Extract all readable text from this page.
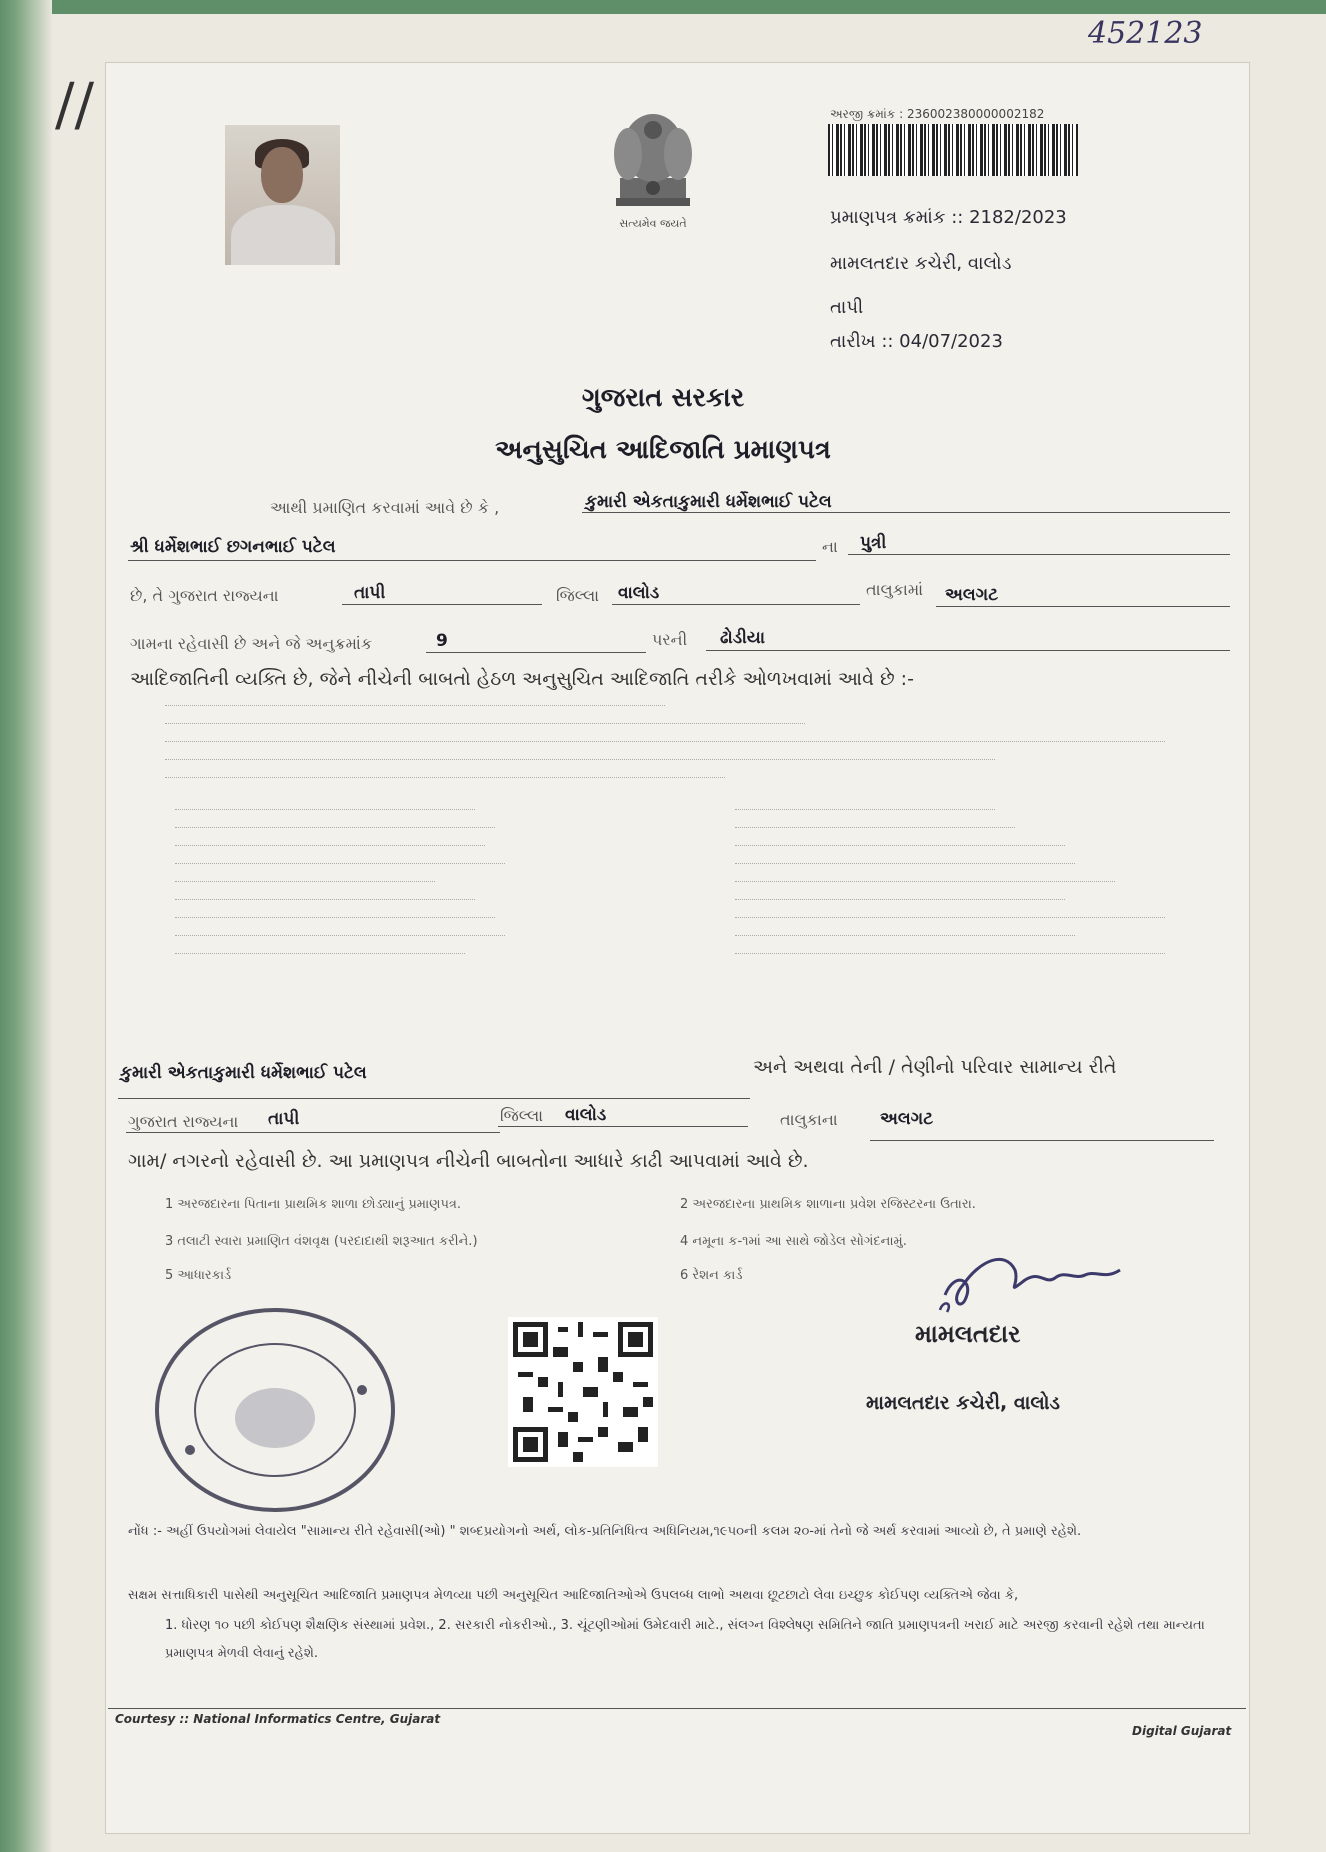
452123
//
સત્યમેવ જયતે
અરજી ક્રમાંક : 236002380000002182
પ્રમાણપત્ર ક્રમાંક :: 2182/2023
મામલતદાર કચેરી, વાલોડ
તાપી
તારીખ :: 04/07/2023
ગુજરાત સરકાર
અનુસુચિત આદિજાતિ પ્રમાણપત્ર
આથી પ્રમાણિત કરવામાં આવે છે કે ,	કુમારી એકતાકુમારી ધર્મેશભાઈ પટેલ
શ્રી ધર્મેશભાઈ છગનભાઈ પટેલ	ના પુત્રી
છે, તે ગુજરાત રાજ્યના	તાપી	જિલ્લા વાલોડ	તાલુકામાં અલગટ
ગામના રહેવાસી છે અને જે અનુક્રમાંક	9	પરની ઢોડીયા
આદિજાતિની વ્યક્તિ છે, જેને નીચેની બાબતો હેઠળ અનુસુચિત આદિજાતિ તરીકે ઓળખવામાં આવે છે :-
કુમારી એકતાકુમારી ધર્મેશભાઈ પટેલ	અને અથવા તેની / તેણીનો પરિવાર સામાન્ય રીતે
ગુજરાત રાજ્યના તાપી	જિલ્લા વાલોડ	તાલુકાના અલગટ
ગામ/ નગરનો રહેવાસી છે. આ પ્રમાણપત્ર નીચેની બાબતોના આધારે કાઢી આપવામાં આવે છે.
1 અરજદારના પિતાના પ્રાથમિક શાળા છોડ્યાનું પ્રમાણપત્ર.	2 અરજદારના પ્રાથમિક શાળાના પ્રવેશ રજિસ્ટરના ઉતારા.
3 તલાટી સ્વારા પ્રમાણિત વંશવૃક્ષ (પરદાદાથી શરૂઆત કરીને.)	4 નમૂના ક-૧માં આ સાથે જોડેલ સોગંદનામું.
5 આધારકાર્ડ	6 રેશન કાર્ડ
મામલતદાર
મામલતદાર કચેરી, વાલોડ
નોંધ :- અહીં ઉપયોગમાં લેવાયેલ "સામાન્ય રીતે રહેવાસી(ઓ) " શબ્દપ્રયોગનો અર્થ, લોક-પ્રતિનિધિત્વ અધિનિયમ,૧૯૫૦ની કલમ ૨૦-માં તેનો જે અર્થ કરવામાં આવ્યો છે, તે પ્રમાણે રહેશે.
સક્ષમ સત્તાધિકારી પાસેથી અનુસૂચિત આદિજાતિ પ્રમાણપત્ર મેળવ્યા પછી અનુસૂચિત આદિજાતિઓએ ઉપલબ્ધ લાભો અથવા છૂટછાટો લેવા ઇચ્છુક કોઈપણ વ્યક્તિએ જેવા કે,
1. ધોરણ ૧૦ પછી કોઈપણ શૈક્ષણિક સંસ્થામાં પ્રવેશ., 2. સરકારી નોકરીઓ., 3. ચૂંટણીઓમાં ઉમેદવારી માટે., સંલગ્ન વિશ્લેષણ સમિતિને જાતિ પ્રમાણપત્રની ખરાઈ માટે અરજી કરવાની રહેશે તથા માન્યતા પ્રમાણપત્ર મેળવી લેવાનું રહેશે.
Courtesy :: National Informatics Centre, Gujarat
Digital Gujarat
